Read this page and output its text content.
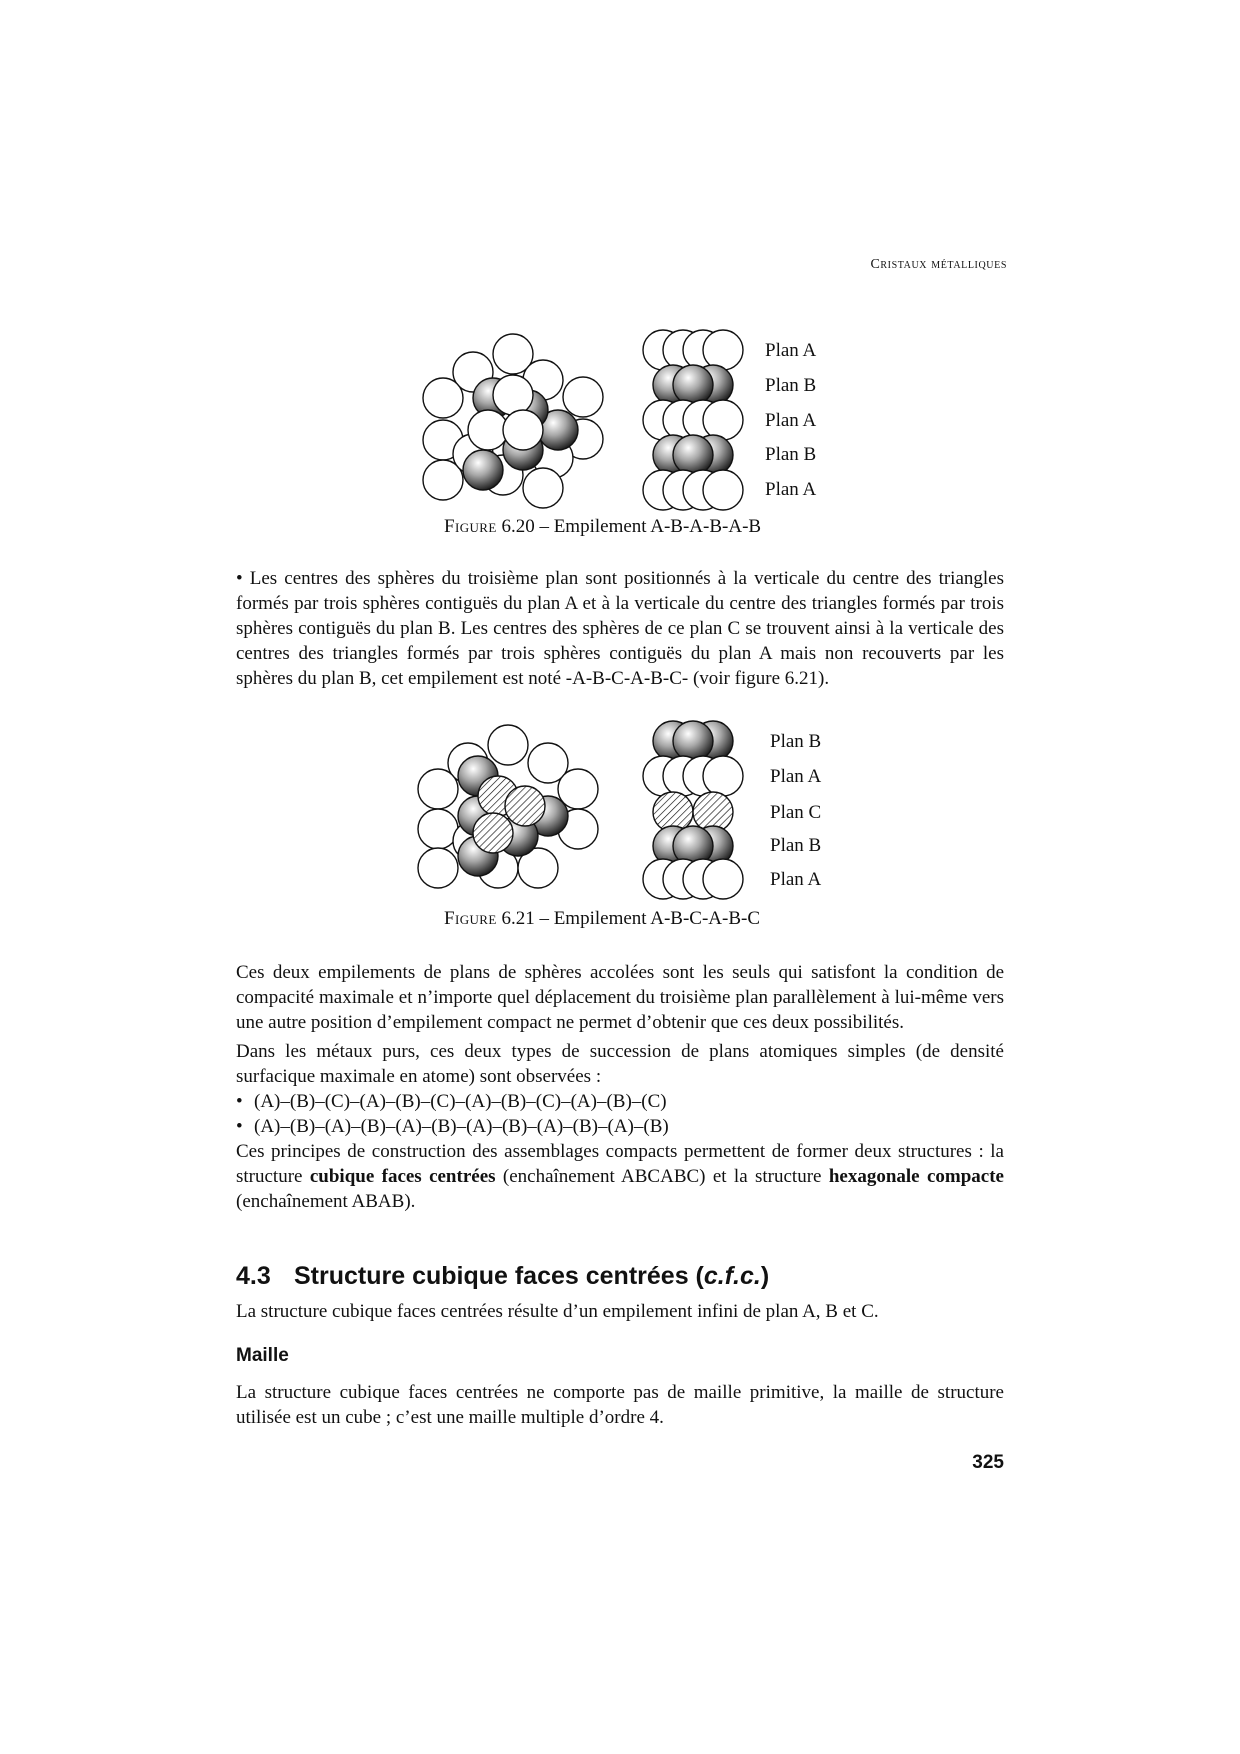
Cristaux métalliques
Plan A
Plan B
Plan A
Plan B
Plan A
Figure 6.20 – Empilement A-B-A-B-A-B

• Les centres des sphères du troisième plan sont positionnés à la verticale du centre des triangles formés par trois sphères contiguës du plan A et à la verticale du centre des triangles formés par trois sphères contiguës du plan B. Les centres des sphères de ce plan C se trouvent ainsi à la verticale des centres des triangles formés par trois sphères contiguës du plan A mais non recouverts par les sphères du plan B, cet empilement est noté -A-B-C-A-B-C- (voir figure 6.21).

Plan B
Plan A
Plan C
Plan B
Plan A
Figure 6.21 – Empilement A-B-C-A-B-C

Ces deux empilements de plans de sphères accolées sont les seuls qui satisfont la condition de compacité maximale et n’importe quel déplacement du troisième plan parallèlement à lui-même vers une autre position d’empilement compact ne permet d’obtenir que ces deux possibilités.

Dans les métaux purs, ces deux types de succession de plans atomiques simples (de densité surfacique maximale en atome) sont observées :

• (A)–(B)–(C)–(A)–(B)–(C)–(A)–(B)–(C)–(A)–(B)–(C)

• (A)–(B)–(A)–(B)–(A)–(B)–(A)–(B)–(A)–(B)–(A)–(B)

Ces principes de construction des assemblages compacts permettent de former deux structures : la structure cubique faces centrées (enchaînement ABCABC) et la structure hexagonale compacte (enchaînement ABAB).

4.3 Structure cubique faces centrées (c.f.c.)

La structure cubique faces centrées résulte d’un empilement infini de plan A, B et C.

Maille

La structure cubique faces centrées ne comporte pas de maille primitive, la maille de structure utilisée est un cube ; c’est une maille multiple d’ordre 4.

325
